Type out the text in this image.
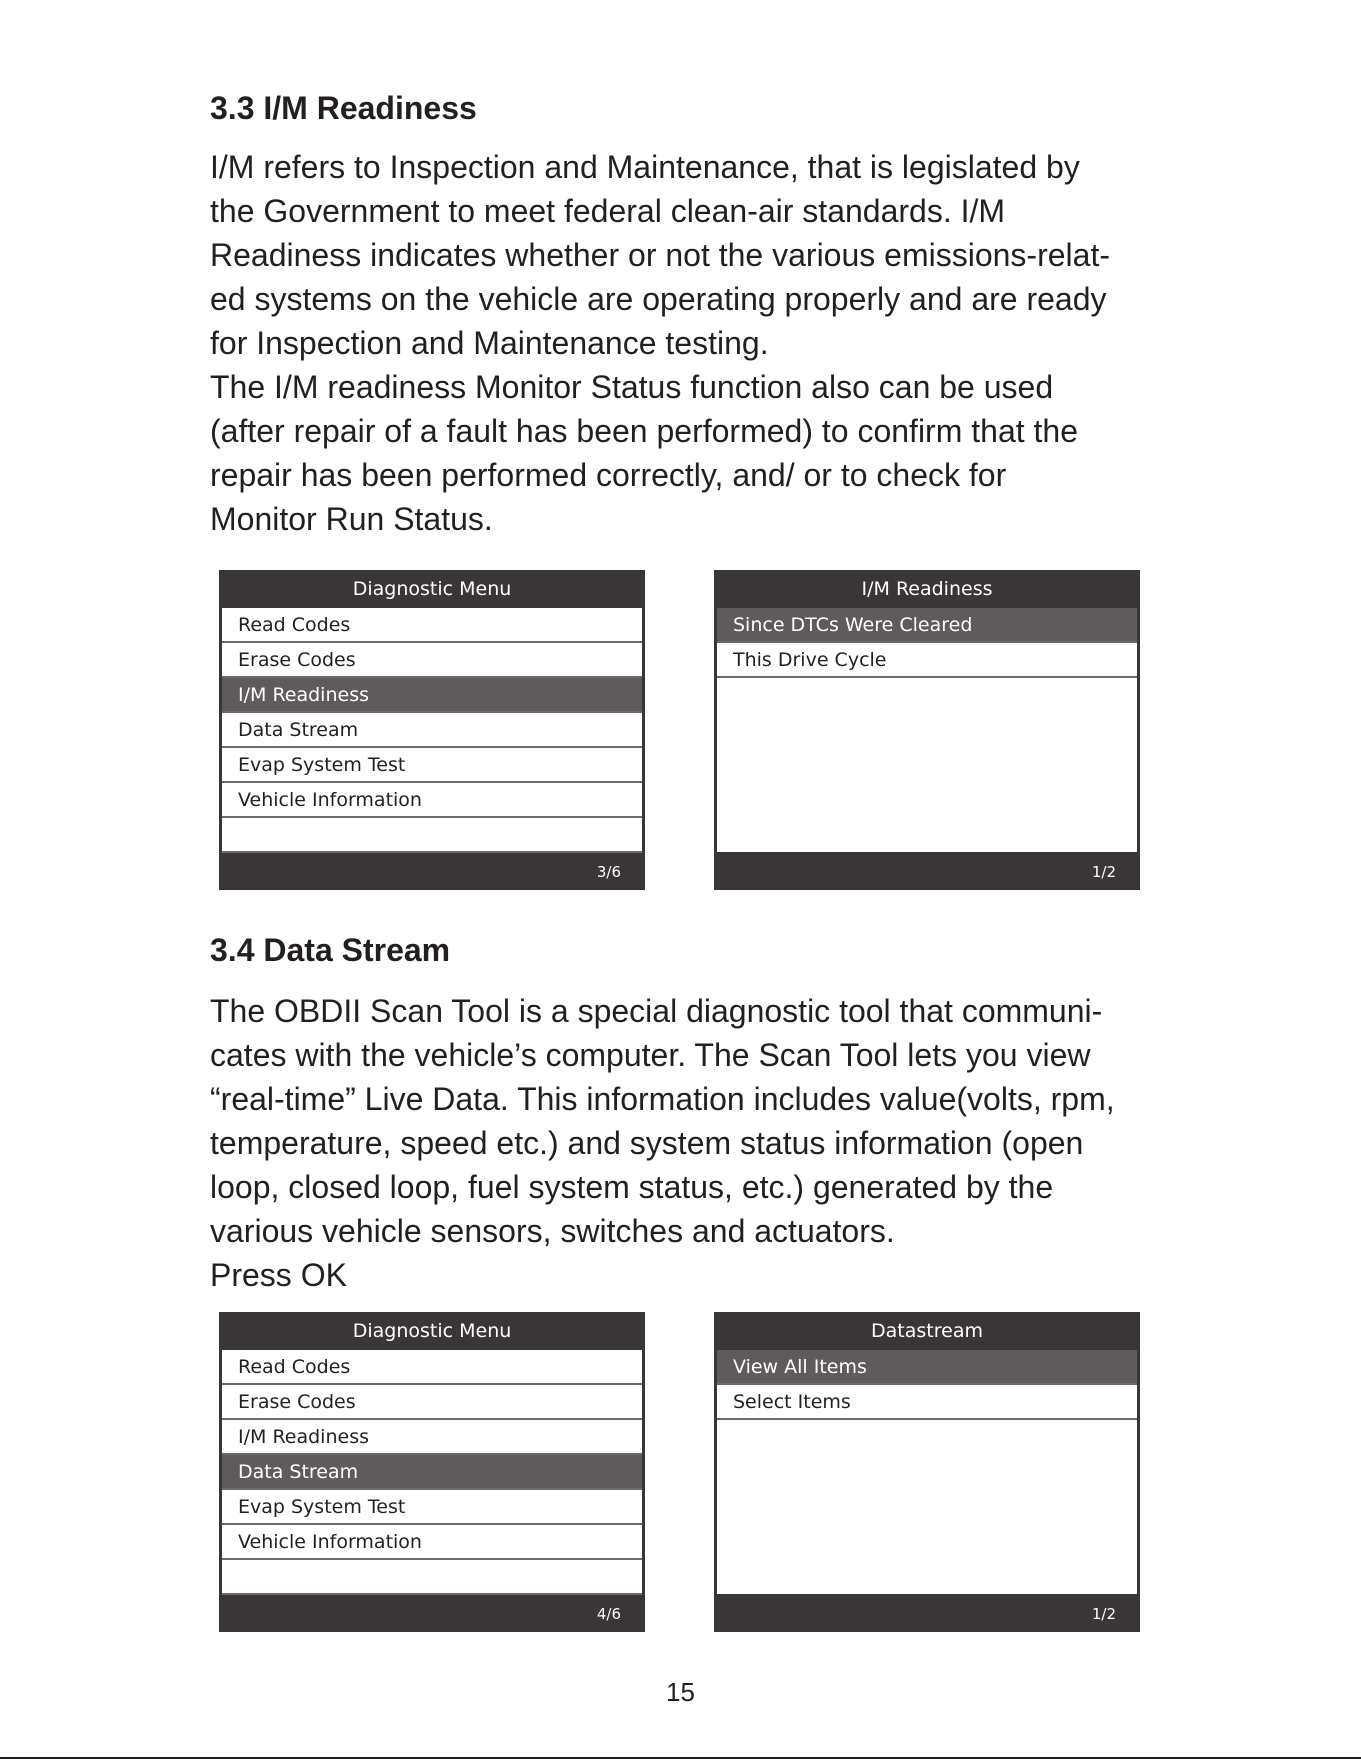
3.3 I/M Readiness
I/M refers to Inspection and Maintenance, that is legislated by
the Government to meet federal clean-air standards. I/M
Readiness indicates whether or not the various emissions-relat-
ed systems on the vehicle are operating properly and are ready
for Inspection and Maintenance testing.
The I/M readiness Monitor Status function also can be used
(after repair of a fault has been performed) to confirm that the
repair has been performed correctly, and/ or to check for
Monitor Run Status.
Diagnostic Menu
Read Codes
Erase Codes
I/M Readiness
Data Stream
Evap System Test
Vehicle Information
3/6
I/M Readiness
Since DTCs Were Cleared
This Drive Cycle
1/2
3.4 Data Stream
The OBDII Scan Tool is a special diagnostic tool that communi-
cates with the vehicle’s computer. The Scan Tool lets you view
“real-time” Live Data. This information includes value(volts, rpm,
temperature, speed etc.) and system status information (open
loop, closed loop, fuel system status, etc.) generated by the
various vehicle sensors, switches and actuators.
Press OK
Diagnostic Menu
Read Codes
Erase Codes
I/M Readiness
Data Stream
Evap System Test
Vehicle Information
4/6
Datastream
View All Items
Select Items
1/2
15
